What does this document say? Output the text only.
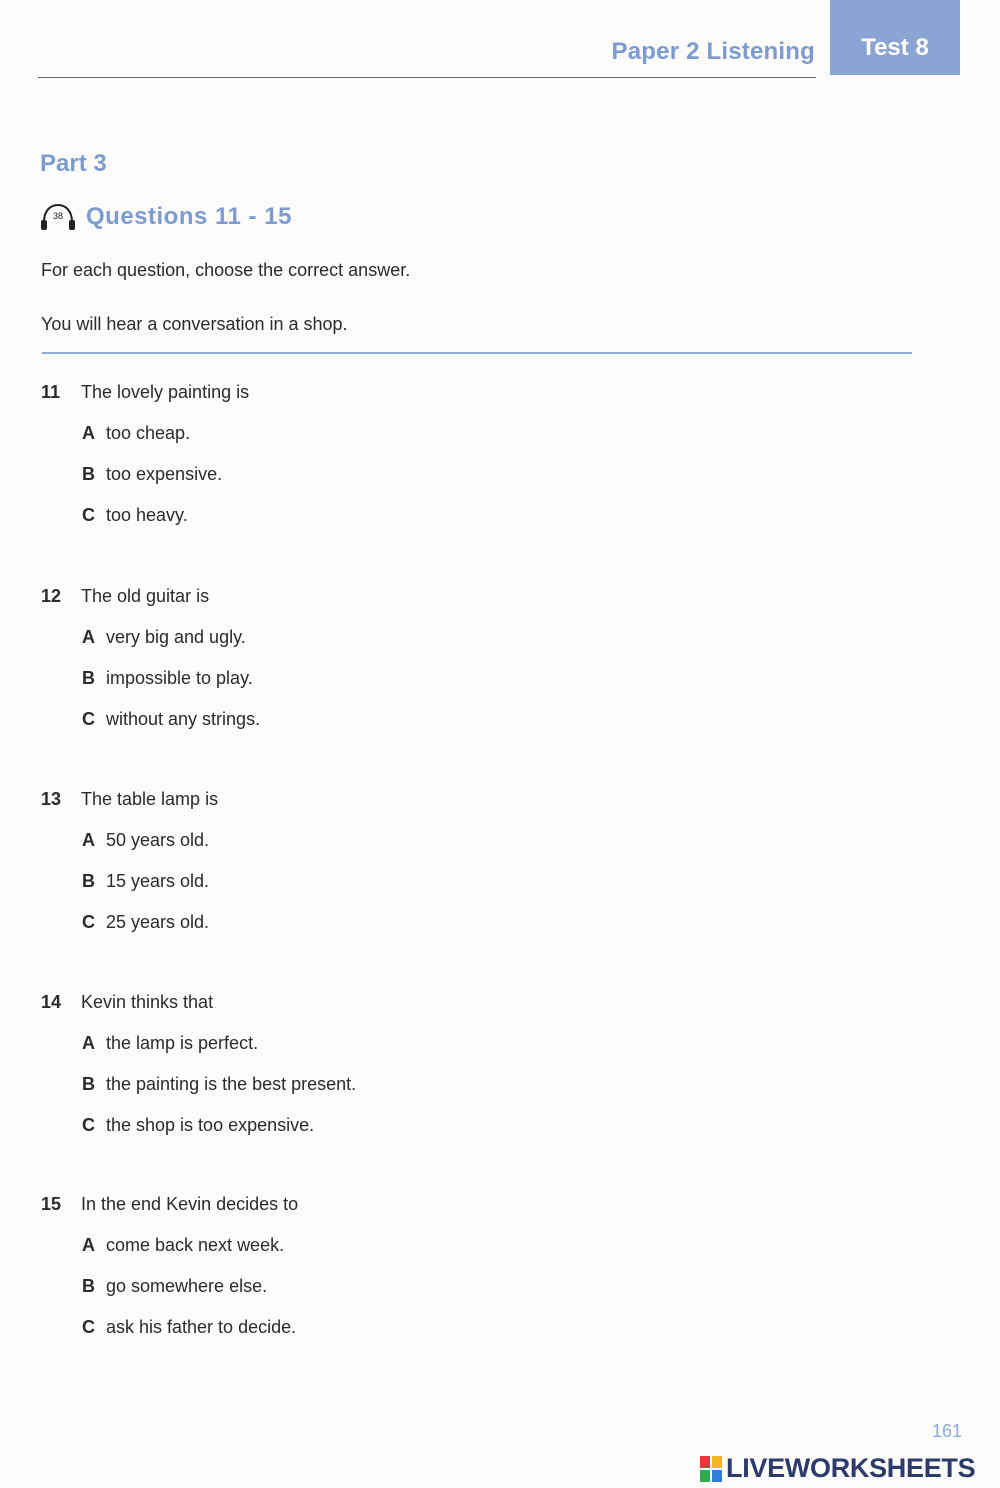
Paper 2 Listening Test 8
Part 3
38 Questions 11 - 15
For each question, choose the correct answer.
You will hear a conversation in a shop.
11	The lovely painting is
A too cheap.
B too expensive.
C too heavy.
12	The old guitar is
A very big and ugly.
B impossible to play.
C without any strings.
13	The table lamp is
A 50 years old.
B 15 years old.
C 25 years old.
14	Kevin thinks that
A the lamp is perfect.
B the painting is the best present.
C the shop is too expensive.
15	In the end Kevin decides to
A come back next week.
B go somewhere else.
C ask his father to decide.
161
LIVEWORKSHEETS
